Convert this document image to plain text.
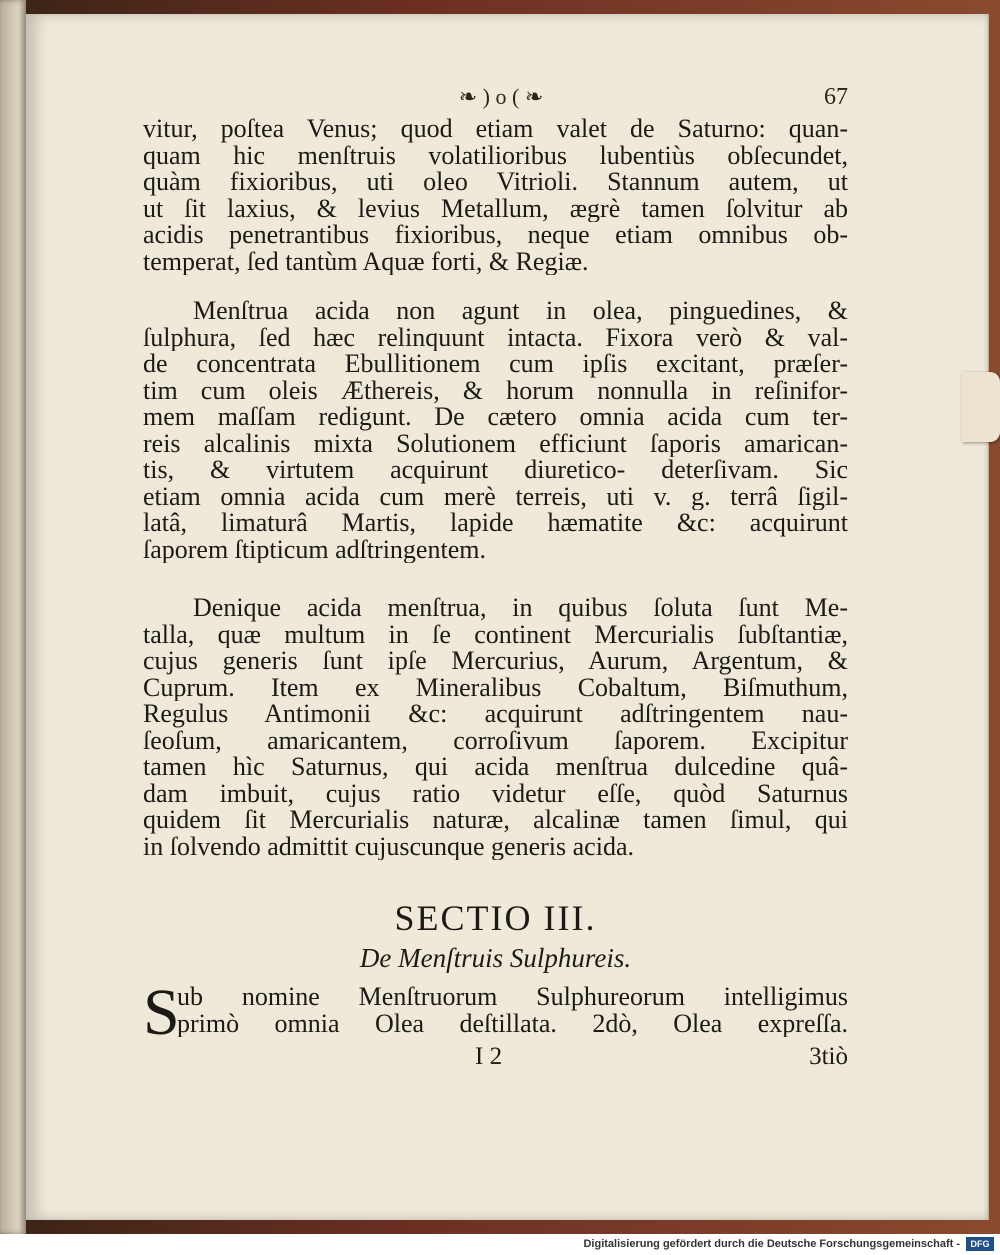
❧ ) o ( ❧	67
vitur, poſtea Venus; quod etiam valet de Saturno: quan-
quam hic menſtruis volatilioribus lubentiùs obſecundet,
quàm fixioribus, uti oleo Vitrioli. Stannum autem, ut
ut ſit laxius, & levius Metallum, ægrè tamen ſolvitur ab
acidis penetrantibus fixioribus, neque etiam omnibus ob-
temperat, ſed tantùm Aquæ forti, & Regiæ.
Menſtrua acida non agunt in olea, pinguedines, &
ſulphura, ſed hæc relinquunt intacta. Fixora verò & val-
de concentrata Ebullitionem cum ipſis excitant, præſer-
tim cum oleis Æthereis, & horum nonnulla in reſinifor-
mem maſſam redigunt. De cætero omnia acida cum ter-
reis alcalinis mixta Solutionem efficiunt ſaporis amarican-
tis, & virtutem acquirunt diuretico- deterſivam. Sic
etiam omnia acida cum merè terreis, uti v. g. terrâ ſigil-
latâ, limaturâ Martis, lapide hæmatite &c: acquirunt
ſaporem ſtipticum adſtringentem.
Denique acida menſtrua, in quibus ſoluta ſunt Me-
talla, quæ multum in ſe continent Mercurialis ſubſtantiæ,
cujus generis ſunt ipſe Mercurius, Aurum, Argentum, &
Cuprum. Item ex Mineralibus Cobaltum, Biſmuthum,
Regulus Antimonii &c: acquirunt adſtringentem nau-
ſeoſum, amaricantem, corroſivum ſaporem. Excipitur
tamen hìc Saturnus, qui acida menſtrua dulcedine quâ-
dam imbuit, cujus ratio videtur eſſe, quòd Saturnus
quidem ſit Mercurialis naturæ, alcalinæ tamen ſimul, qui
in ſolvendo admittit cujuscunque generis acida.
SECTIO III.
De Menſtruis Sulphureis.
S
ub nomine Menſtruorum Sulphureorum intelligimus
primò omnia Olea deſtillata. 2dò, Olea expreſſa.
I 2	3tiò
Digitalisierung gefördert durch die Deutsche Forschungsgemeinschaft -	DFG
